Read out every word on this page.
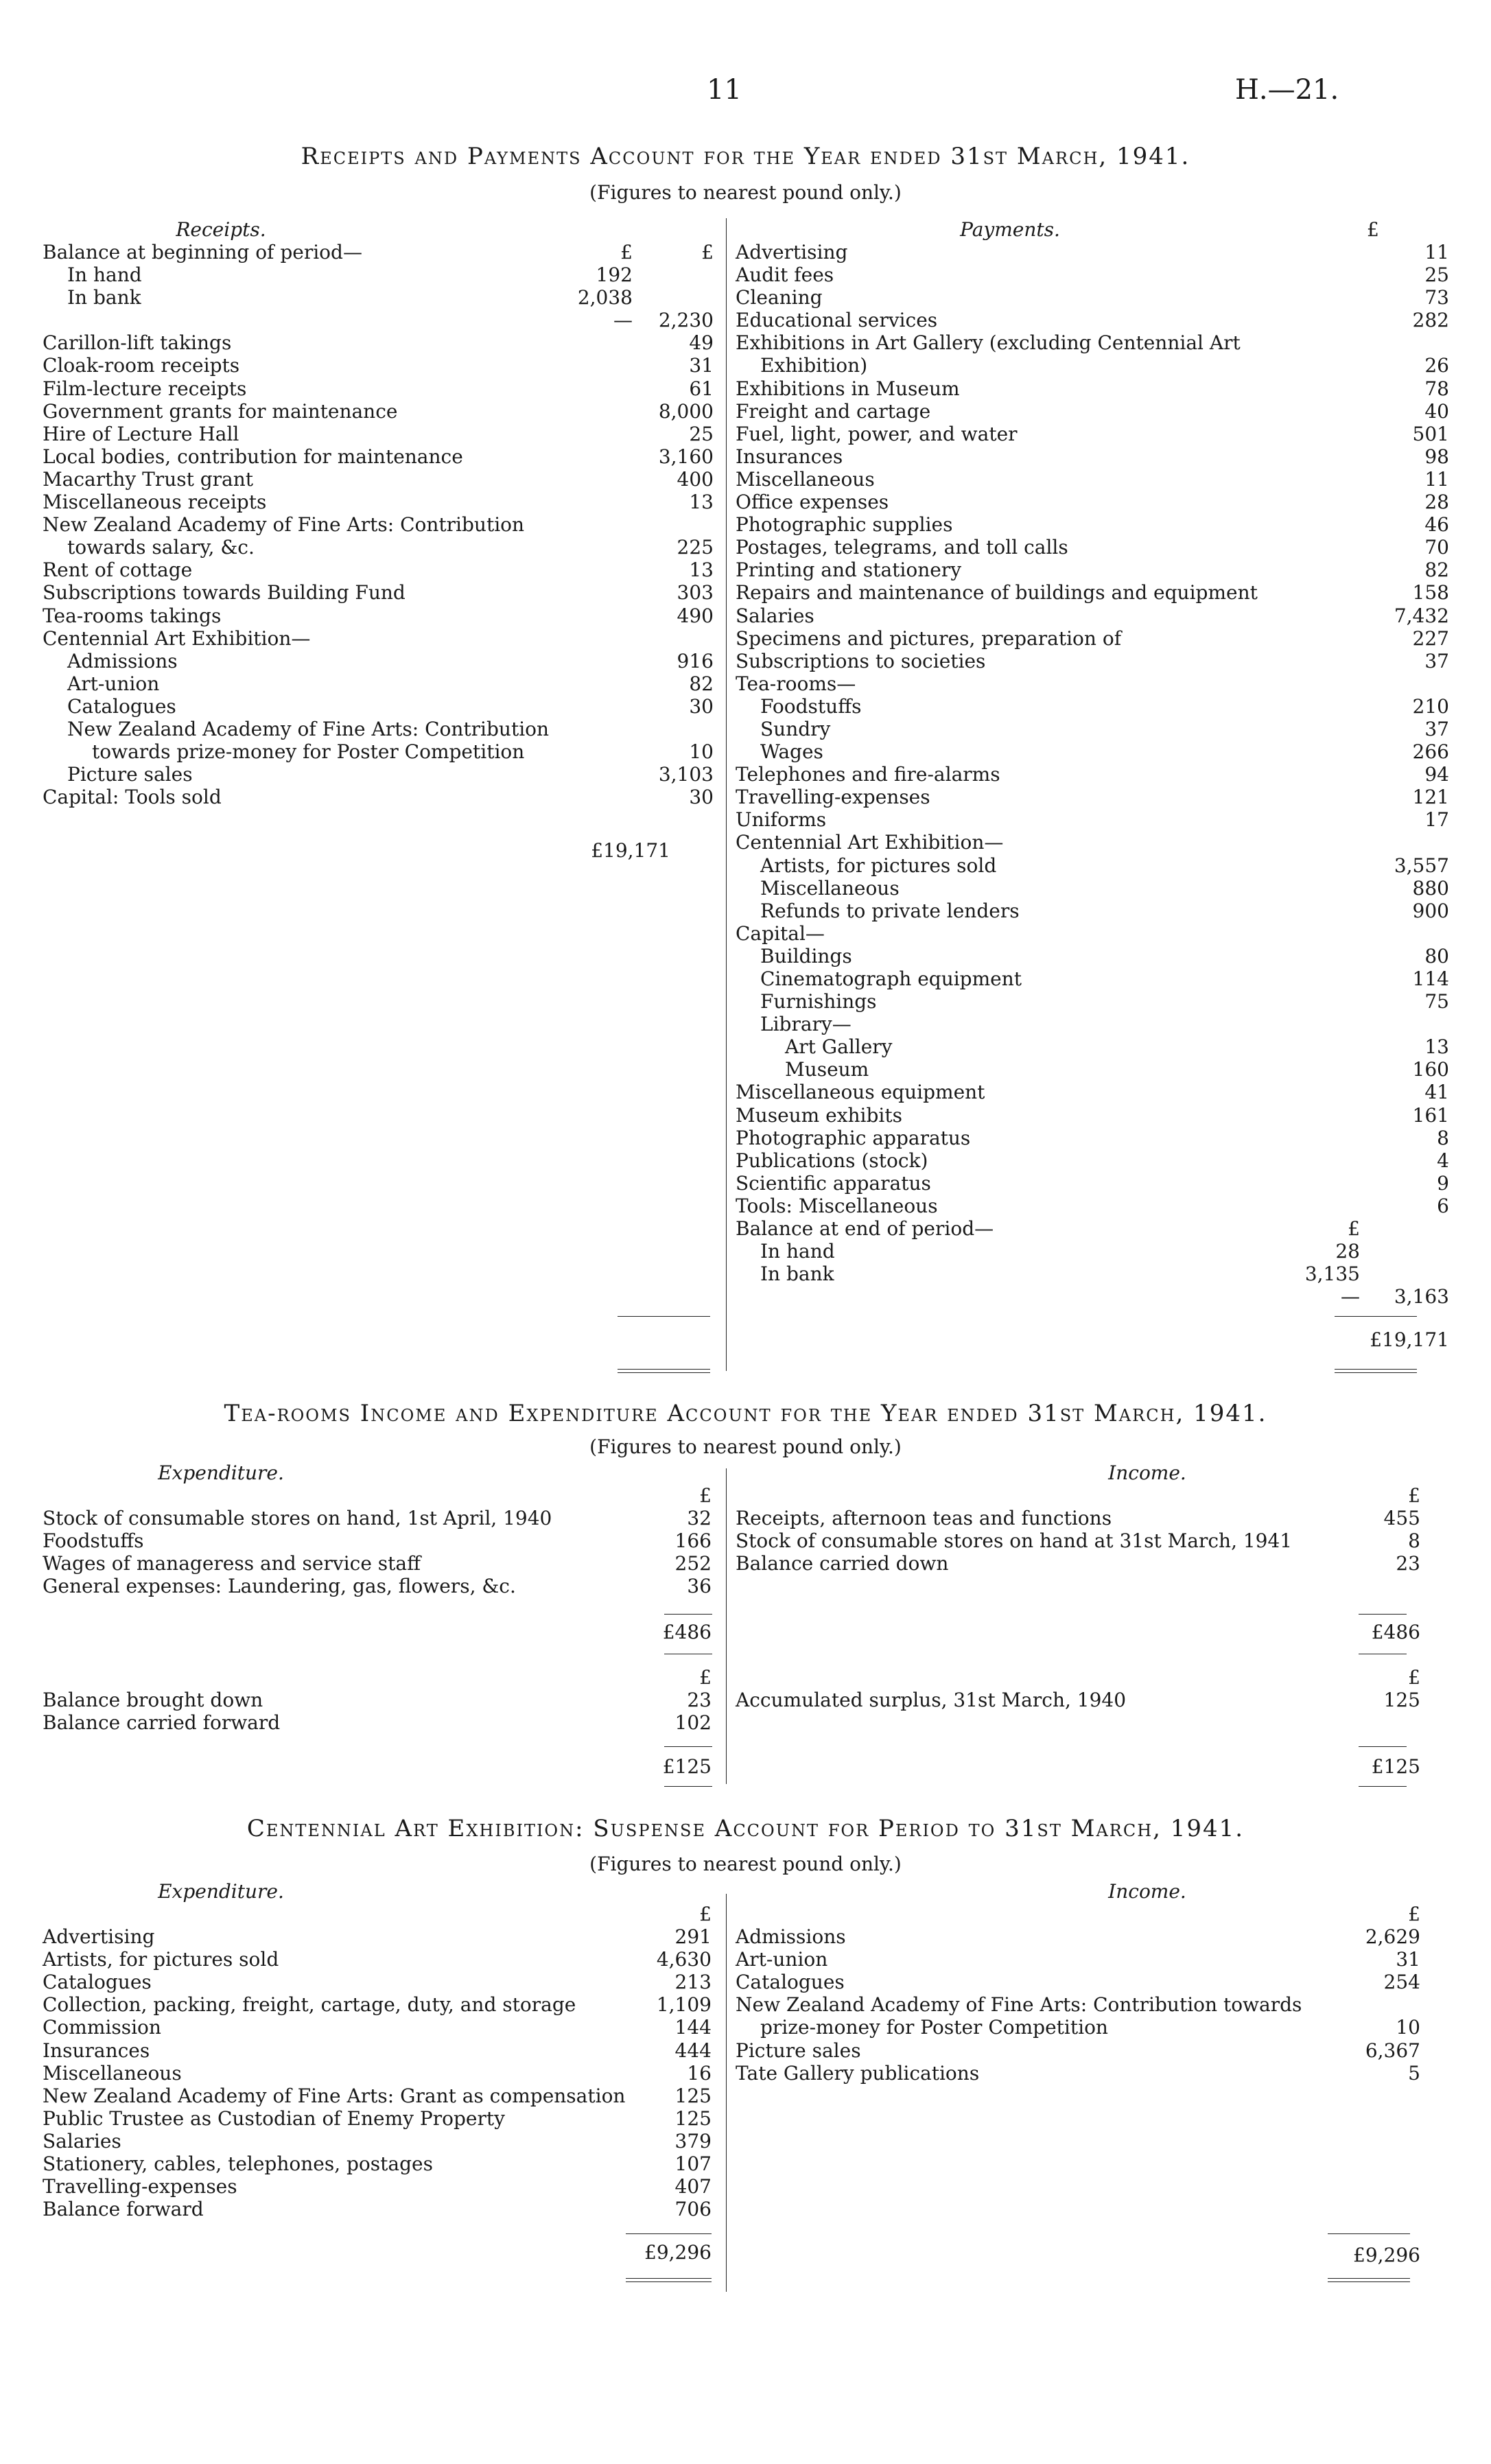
11	H.—21.
Receipts and Payments Account for the Year ended 31st March, 1941.
(Figures to nearest pound only.)
Receipts.
Balance at beginning of period—	£	£
In hand	192
In bank	2,038
—	2,230
Carillon-lift takings	49
Cloak-room receipts	31
Film-lecture receipts	61
Government grants for maintenance	8,000
Hire of Lecture Hall	25
Local bodies, contribution for maintenance	3,160
Macarthy Trust grant	400
Miscellaneous receipts	13
New Zealand Academy of Fine Arts: Contribution
towards salary, &c.	225
Rent of cottage	13
Subscriptions towards Building Fund	303
Tea-rooms takings	490
Centennial Art Exhibition—
Admissions	916
Art-union	82
Catalogues	30
New Zealand Academy of Fine Arts: Contribution
towards prize-money for Poster Competition	10
Picture sales	3,103
Capital: Tools sold	30
£19,171
Payments.	£
Advertising	11
Audit fees	25
Cleaning	73
Educational services	282
Exhibitions in Art Gallery (excluding Centennial Art
Exhibition)	26
Exhibitions in Museum	78
Freight and cartage	40
Fuel, light, power, and water	501
Insurances	98
Miscellaneous	11
Office expenses	28
Photographic supplies	46
Postages, telegrams, and toll calls	70
Printing and stationery	82
Repairs and maintenance of buildings and equipment	158
Salaries	7,432
Specimens and pictures, preparation of	227
Subscriptions to societies	37
Tea-rooms—
Foodstuffs	210
Sundry	37
Wages	266
Telephones and fire-alarms	94
Travelling-expenses	121
Uniforms	17
Centennial Art Exhibition—
Artists, for pictures sold	3,557
Miscellaneous	880
Refunds to private lenders	900
Capital—
Buildings	80
Cinematograph equipment	114
Furnishings	75
Library—
Art Gallery	13
Museum	160
Miscellaneous equipment	41
Museum exhibits	161
Photographic apparatus	8
Publications (stock)	4
Scientific apparatus	9
Tools: Miscellaneous	6
Balance at end of period—	£
In hand	28
In bank	3,135
—	3,163
£19,171
Tea-rooms Income and Expenditure Account for the Year ended 31st March, 1941.
(Figures to nearest pound only.)
Expenditure.
£
Stock of consumable stores on hand, 1st April, 1940	32
Foodstuffs	166
Wages of manageress and service staff	252
General expenses: Laundering, gas, flowers, &c.	36
£486
£
Balance brought down	23
Balance carried forward	102
£125
Income.
£
Receipts, afternoon teas and functions	455
Stock of consumable stores on hand at 31st March, 1941	8
Balance carried down	23
£486
£
Accumulated surplus, 31st March, 1940	125
£125
Centennial Art Exhibition: Suspense Account for Period to 31st March, 1941.
(Figures to nearest pound only.)
Expenditure.
£
Advertising	291
Artists, for pictures sold	4,630
Catalogues	213
Collection, packing, freight, cartage, duty, and storage	1,109
Commission	144
Insurances	444
Miscellaneous	16
New Zealand Academy of Fine Arts: Grant as compensation	125
Public Trustee as Custodian of Enemy Property	125
Salaries	379
Stationery, cables, telephones, postages	107
Travelling-expenses	407
Balance forward	706
£9,296
Income.
£
Admissions	2,629
Art-union	31
Catalogues	254
New Zealand Academy of Fine Arts: Contribution towards
prize-money for Poster Competition	10
Picture sales	6,367
Tate Gallery publications	5
£9,296
